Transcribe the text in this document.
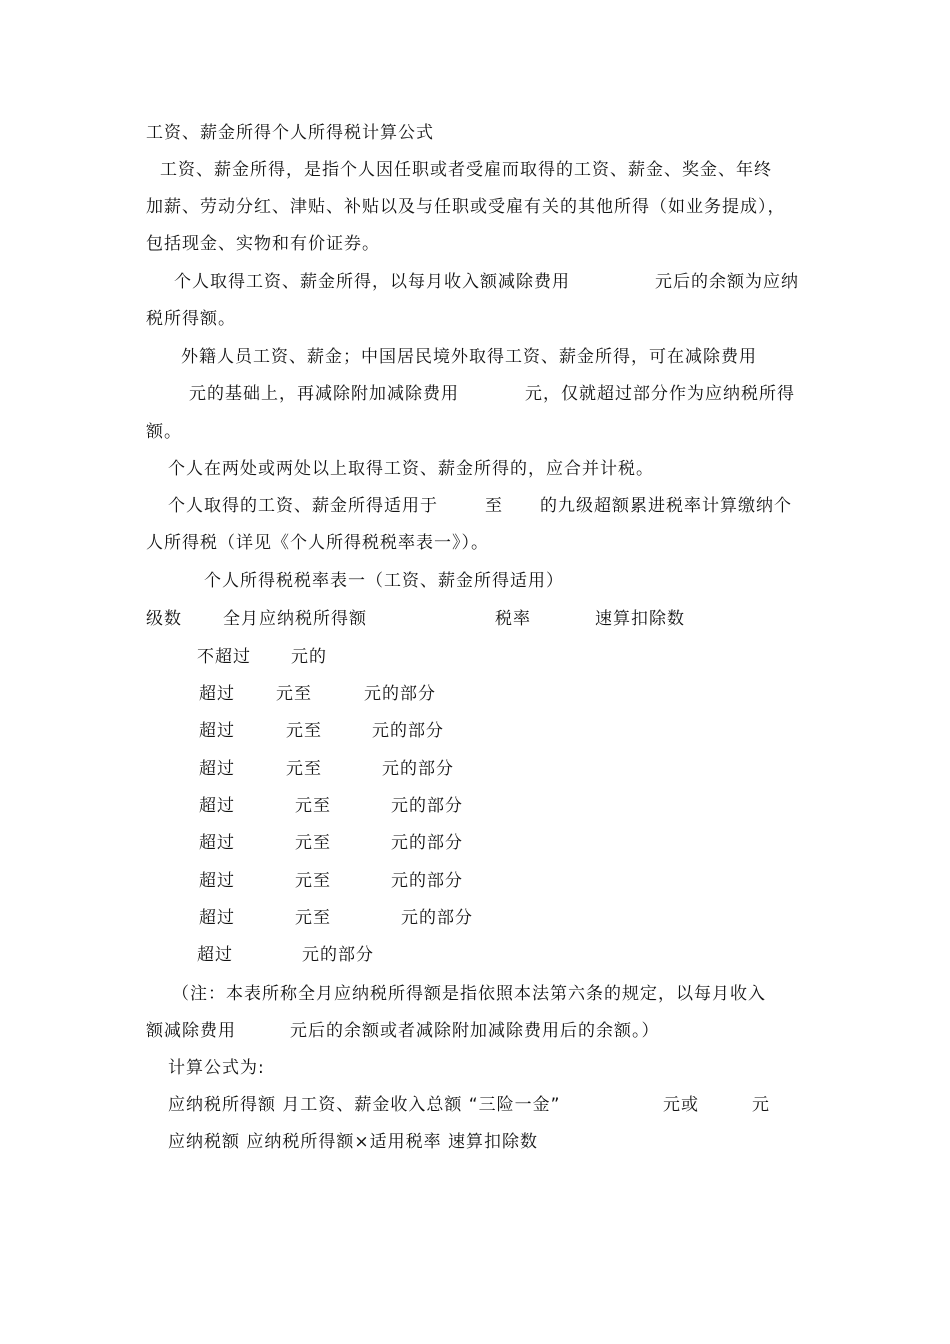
工资、薪金所得个人所得税计算公式
工资、薪金所得，是指个人因任职或者受雇而取得的工资、薪金、奖金、年终
加薪、劳动分红、津贴、补贴以及与任职或受雇有关的其他所得（如业务提成），
包括现金、实物和有价证券。
个人取得工资、薪金所得，以每月收入额减除费用	元后的余额为应纳
税所得额。
外籍人员工资、薪金；中国居民境外取得工资、薪金所得，可在减除费用
元的基础上，再减除附加减除费用	元，仅就超过部分作为应纳税所得
额。
个人在两处或两处以上取得工资、薪金所得的，应合并计税。
个人取得的工资、薪金所得适用于	至 的九级超额累进税率计算缴纳个
人所得税（详见《个人所得税税率表一》）。
个人所得税税率表一（工资、薪金所得适用）
级数 全月应纳税所得额	税率	速算扣除数
不超过 元的
超过 元至	元的部分
超过	元至	元的部分
超过	元至	元的部分
超过	元至	元的部分
超过	元至	元的部分
超过	元至	元的部分
超过	元至	元的部分
超过	元的部分
（注：本表所称全月应纳税所得额是指依照本法第六条的规定，以每月收入
额减除费用	元后的余额或者减除附加减除费用后的余额。）
计算公式为:
应纳税所得额 月工资、薪金收入总额 “三险一金”	元或	元
应纳税额 应纳税所得额×适用税率 速算扣除数
